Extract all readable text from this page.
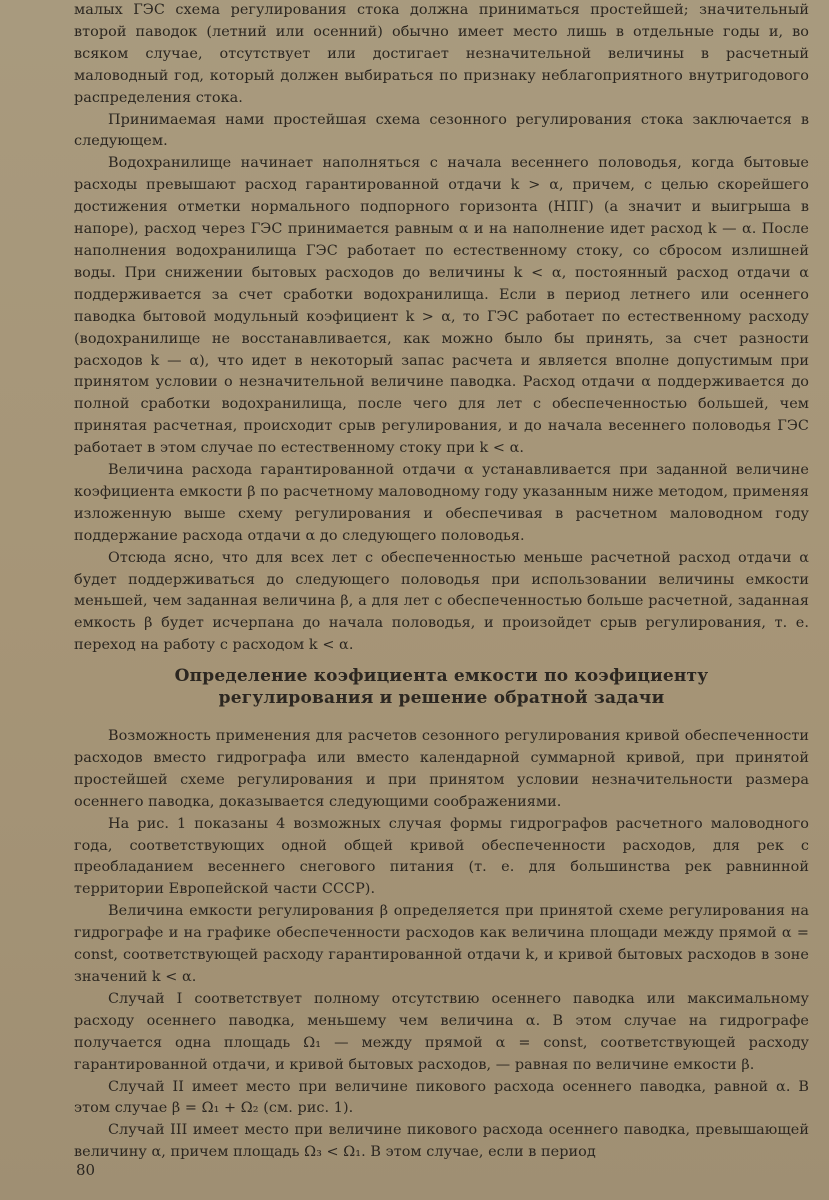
малых ГЭС схема регулирования стока должна приниматься простейшей; значительный второй паводок (летний или осенний) обычно имеет место лишь в отдельные годы и, во всяком случае, отсутствует или достигает незначительной величины в расчетный маловодный год, который должен выбираться по признаку неблагоприятного внутригодового распределения стока.

Принимаемая нами простейшая схема сезонного регулирования стока заключается в следующем.

Водохранилище начинает наполняться с начала весеннего половодья, когда бытовые расходы превышают расход гарантированной отдачи k > α, причем, с целью скорейшего достижения отметки нормального подпорного горизонта (НПГ) (а значит и выигрыша в напоре), расход через ГЭС принимается равным α и на наполнение идет расход k — α. После наполнения водохранилища ГЭС работает по естественному стоку, со сбросом излишней воды. При снижении бытовых расходов до величины k < α, постоянный расход отдачи α поддерживается за счет сработки водохранилища. Если в период летнего или осеннего паводка бытовой модульный коэфициент k > α, то ГЭС работает по естественному расходу (водохранилище не восстанавливается, как можно было бы принять, за счет разности расходов k — α), что идет в некоторый запас расчета и является вполне допустимым при принятом условии о незначительной величине паводка. Расход отдачи α поддерживается до полной сработки водохранилища, после чего для лет с обеспеченностью большей, чем принятая расчетная, происходит срыв регулирования, и до начала весеннего половодья ГЭС работает в этом случае по естественному стоку при k < α.

Величина расхода гарантированной отдачи α устанавливается при заданной величине коэфициента емкости β по расчетному маловодному году указанным ниже методом, применяя изложенную выше схему регулирования и обеспечивая в расчетном маловодном году поддержание расхода отдачи α до следующего половодья.

Отсюда ясно, что для всех лет с обеспеченностью меньше расчетной расход отдачи α будет поддерживаться до следующего половодья при использовании величины емкости меньшей, чем заданная величина β, а для лет с обеспеченностью больше расчетной, заданная емкость β будет исчерпана до начала половодья, и произойдет срыв регулирования, т. е. переход на работу с расходом k < α.

Определение коэфициента емкости по коэфициенту
регулирования и решение обратной задачи

Возможность применения для расчетов сезонного регулирования кривой обеспеченности расходов вместо гидрографа или вместо календарной суммарной кривой, при принятой простейшей схеме регулирования и при принятом условии незначительности размера осеннего паводка, доказывается следующими соображениями.

На рис. 1 показаны 4 возможных случая формы гидрографов расчетного маловодного года, соответствующих одной общей кривой обеспеченности расходов, для рек с преобладанием весеннего снегового питания (т. е. для большинства рек равнинной территории Европейской части СССР).

Величина емкости регулирования β определяется при принятой схеме регулирования на гидрографе и на графике обеспеченности расходов как величина площади между прямой α = const, соответствующей расходу гарантированной отдачи k, и кривой бытовых расходов в зоне значений k < α.

Случай I соответствует полному отсутствию осеннего паводка или максимальному расходу осеннего паводка, меньшему чем величина α. В этом случае на гидрографе получается одна площадь Ω₁ — между прямой α = const, соответствующей расходу гарантированной отдачи, и кривой бытовых расходов, — равная по величине емкости β.

Случай II имеет место при величине пикового расхода осеннего паводка, равной α. В этом случае β = Ω₁ + Ω₂ (см. рис. 1).

Случай III имеет место при величине пикового расхода осеннего паводка, превышающей величину α, причем площадь Ω₃ < Ω₁. В этом случае, если в период

80
